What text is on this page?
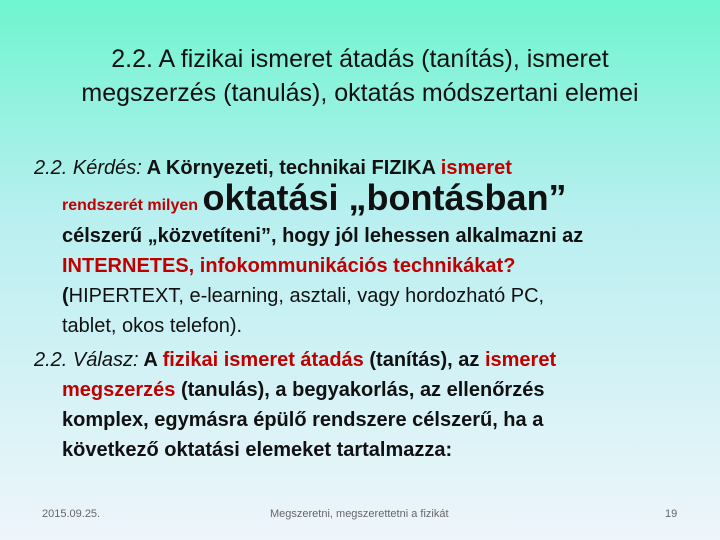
2.2. A fizikai ismeret átadás (tanítás), ismeret
megszerzés (tanulás), oktatás módszertani elemei

2.2. Kérdés: A Környezeti, technikai FIZIKA ismeret
rendszerét milyen oktatási „bontásban”
célszerű „közvetíteni”, hogy jól lehessen alkalmazni az
INTERNETES, infokommunikációs technikákat?
(HIPERTEXT, e-learning, asztali, vagy hordozható PC,
tablet, okos telefon).

2.2. Válasz: A fizikai ismeret átadás (tanítás), az ismeret
megszerzés (tanulás), a begyakorlás, az ellenőrzés
komplex, egymásra épülő rendszere célszerű, ha a
következő oktatási elemeket tartalmazza:

2015.09.25.	Megszeretni, megszerettetni a fizikát	19
